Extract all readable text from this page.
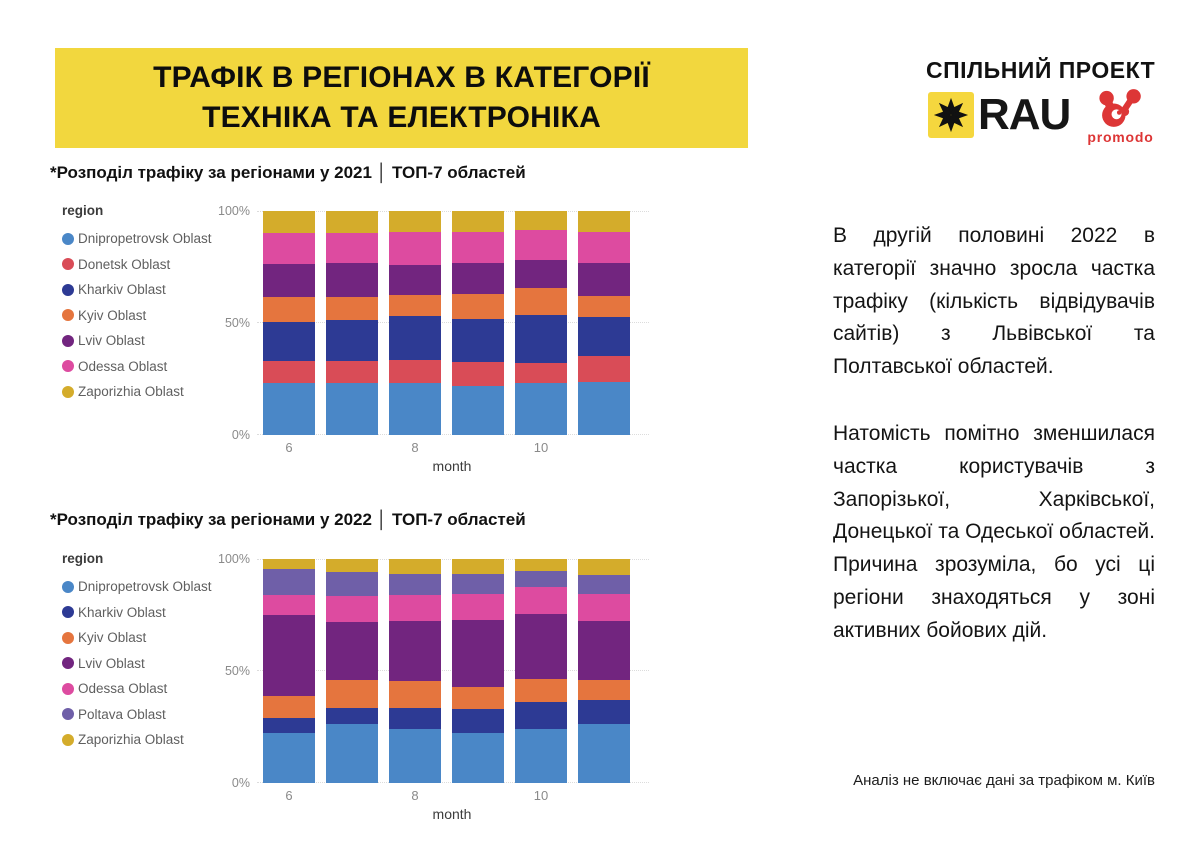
ТРАФІК В РЕГІОНАХ В КАТЕГОРІЇ
ТЕХНІКА ТА ЕЛЕКТРОНІКА
СПІЛЬНИЙ ПРОЕКТ
RAU promodo
*Розподіл трафіку за регіонами у 2021 │ ТОП-7 областей
region
Dnipropetrovsk Oblast
Donetsk Oblast
Kharkiv Oblast
Kyiv Oblast
Lviv Oblast
Odessa Oblast
Zaporizhia Oblast
100%
50%
0%
6	8	10
month
*Розподіл трафіку за регіонами у 2022 │ ТОП-7 областей
region
Dnipropetrovsk Oblast
Kharkiv Oblast
Kyiv Oblast
Lviv Oblast
Odessa Oblast
Poltava Oblast
Zaporizhia Oblast
100%
50%
0%
6	8	10
month
В другій половині 2022 в категорії значно зросла частка трафіку (кількість відвідувачів сайтів) з Львівської та Полтавської областей.
Натомість помітно зменшилася частка користувачів з Запорізької, Харківської, Донецької та Одеської областей. Причина зрозуміла, бо усі ці регіони знаходяться у зоні активних бойових дій.
Аналіз не включає дані за трафіком м. Київ
